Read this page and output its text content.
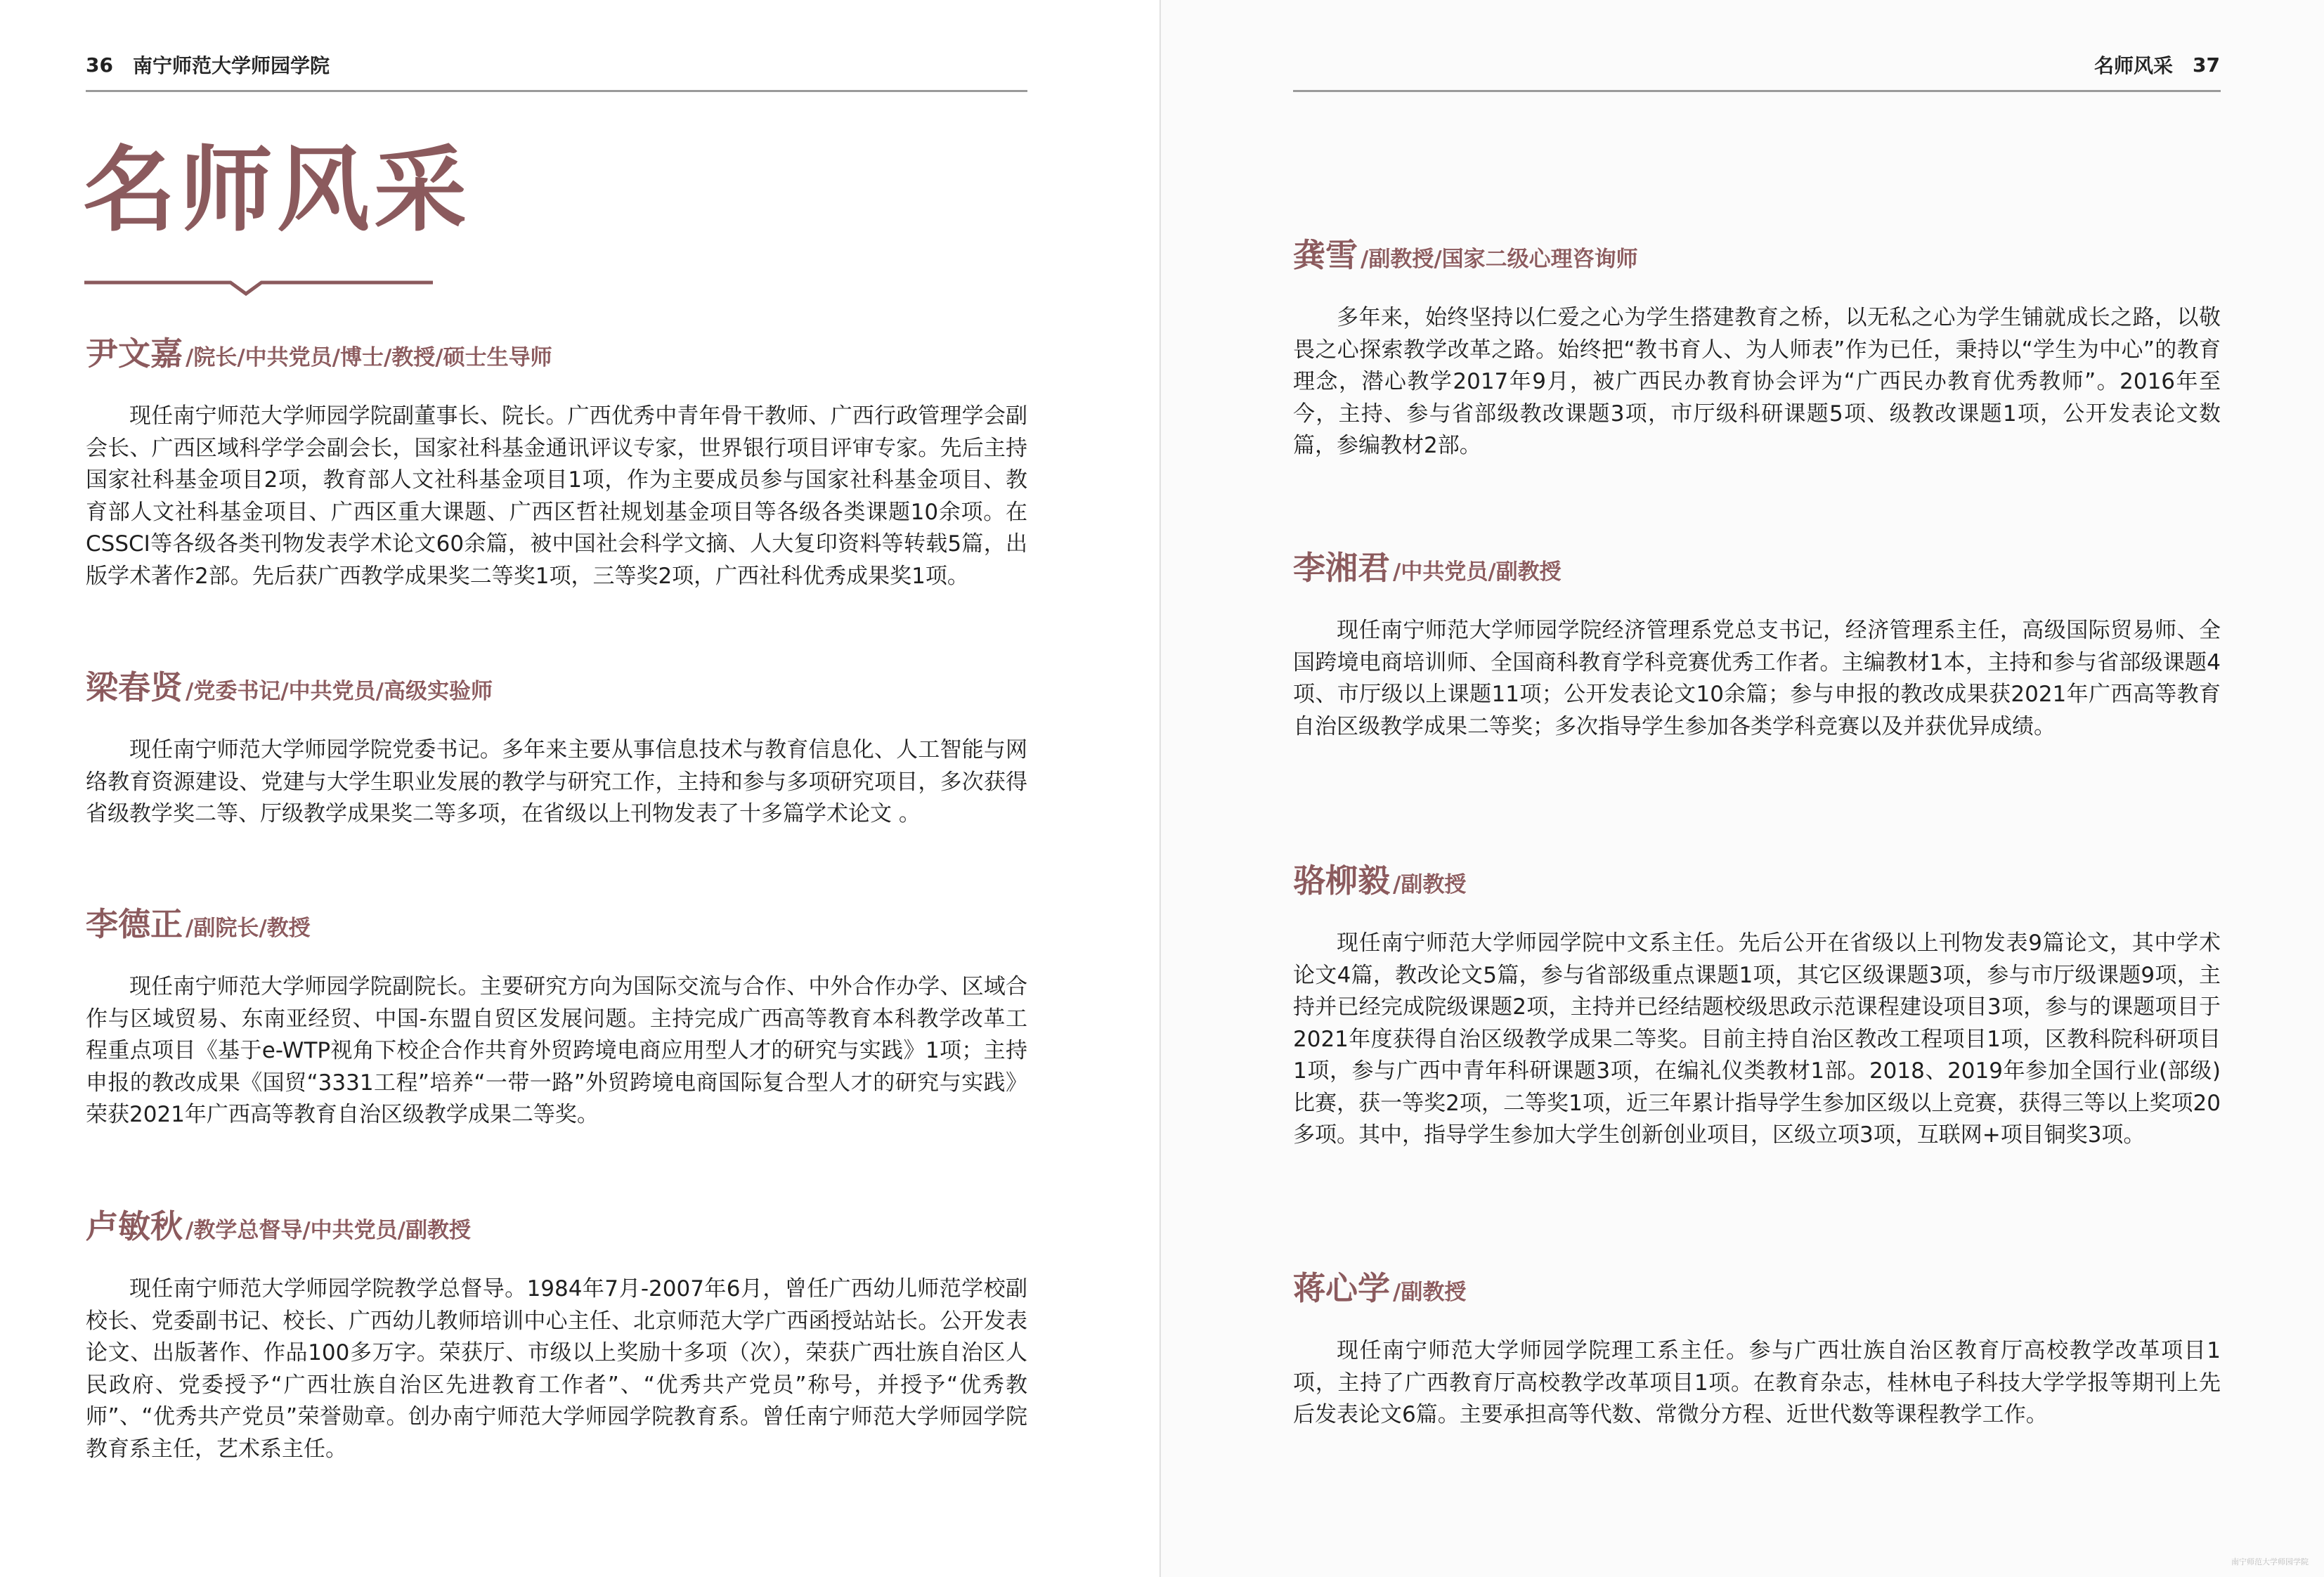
36 南宁师范大学师园学院
名师风采
尹文嘉 /院长/中共党员/博士/教授/硕士生导师

现任南宁师范大学师园学院副董事长、院长。广西优秀中青年骨干教师、广西行政管理学会副会长、广西区域科学学会副会长，国家社科基金通讯评议专家，世界银行项目评审专家。先后主持国家社科基金项目2项，教育部人文社科基金项目1项，作为主要成员参与国家社科基金项目、教育部人文社科基金项目、广西区重大课题、广西区哲社规划基金项目等各级各类课题10余项。在CSSCI等各级各类刊物发表学术论文60余篇，被中国社会科学文摘、人大复印资料等转载5篇，出版学术著作2部。先后获广西教学成果奖二等奖1项，三等奖2项，广西社科优秀成果奖1项。

梁春贤 /党委书记/中共党员/高级实验师

现任南宁师范大学师园学院党委书记。多年来主要从事信息技术与教育信息化、人工智能与网络教育资源建设、党建与大学生职业发展的教学与研究工作，主持和参与多项研究项目，多次获得省级教学奖二等、厅级教学成果奖二等多项，在省级以上刊物发表了十多篇学术论文 。

李德正 /副院长/教授

现任南宁师范大学师园学院副院长。主要研究方向为国际交流与合作、中外合作办学、区域合作与区域贸易、东南亚经贸、中国-东盟自贸区发展问题。主持完成广西高等教育本科教学改革工程重点项目《基于e-WTP视角下校企合作共育外贸跨境电商应用型人才的研究与实践》1项；主持申报的教改成果《国贸“3331工程”培养“一带一路”外贸跨境电商国际复合型人才的研究与实践》荣获2021年广西高等教育自治区级教学成果二等奖。

卢敏秋 /教学总督导/中共党员/副教授

现任南宁师范大学师园学院教学总督导。1984年7月-2007年6月，曾任广西幼儿师范学校副校长、党委副书记、校长、广西幼儿教师培训中心主任、北京师范大学广西函授站站长。公开发表论文、出版著作、作品100多万字。荣获厅、市级以上奖励十多项（次），荣获广西壮族自治区人民政府、党委授予“广西壮族自治区先进教育工作者”、“优秀共产党员”称号，并授予“优秀教师”、“优秀共产党员”荣誉勋章。创办南宁师范大学师园学院教育系。曾任南宁师范大学师园学院教育系主任，艺术系主任。

名师风采 37
龚雪 /副教授/国家二级心理咨询师

多年来，始终坚持以仁爱之心为学生搭建教育之桥，以无私之心为学生铺就成长之路，以敬畏之心探索教学改革之路。始终把“教书育人、为人师表”作为已任，秉持以“学生为中心”的教育理念，潜心教学2017年9月，被广西民办教育协会评为“广西民办教育优秀教师”。2016年至今，主持、参与省部级教改课题3项，市厅级科研课题5项、级教改课题1项，公开发表论文数篇，参编教材2部。

李湘君 /中共党员/副教授

现任南宁师范大学师园学院经济管理系党总支书记，经济管理系主任，高级国际贸易师、全国跨境电商培训师、全国商科教育学科竞赛优秀工作者。主编教材1本，主持和参与省部级课题4项、市厅级以上课题11项；公开发表论文10余篇；参与申报的教改成果获2021年广西高等教育自治区级教学成果二等奖；多次指导学生参加各类学科竞赛以及并获优异成绩。

骆柳毅 /副教授

现任南宁师范大学师园学院中文系主任。先后公开在省级以上刊物发表9篇论文，其中学术论文4篇，教改论文5篇，参与省部级重点课题1项，其它区级课题3项，参与市厅级课题9项，主持并已经完成院级课题2项，主持并已经结题校级思政示范课程建设项目3项，参与的课题项目于2021年度获得自治区级教学成果二等奖。目前主持自治区教改工程项目1项，区教科院科研项目1项，参与广西中青年科研课题3项，在编礼仪类教材1部。2018、2019年参加全国行业(部级)比赛，获一等奖2项，二等奖1项，近三年累计指导学生参加区级以上竞赛，获得三等以上奖项20多项。其中，指导学生参加大学生创新创业项目，区级立项3项，互联网+项目铜奖3项。

蒋心学 /副教授

现任南宁师范大学师园学院理工系主任。参与广西壮族自治区教育厅高校教学改革项目1项，主持了广西教育厅高校教学改革项目1项。在教育杂志，桂林电子科技大学学报等期刊上先后发表论文6篇。主要承担高等代数、常微分方程、近世代数等课程教学工作。

南宁师范大学师园学院
